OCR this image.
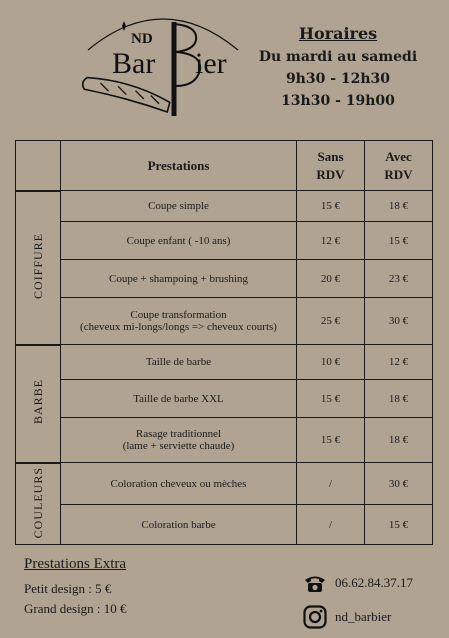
ND
Bar ier
Horaires
Du mardi au samedi
9h30 - 12h30
13h30 - 19h00
	Prestations	Sans RDV	Avec RDV

COIFFURE	Coupe simple	15 €	18 €
	Coupe enfant ( -10 ans)	12 €	15 €
	Coupe + shampoing + brushing	20 €	23 €

	Coupe transformation
(cheveux mi-longs/longs => cheveux courts)	25 €	30 €
BARBE	Taille de barbe	10 €	12 €
	Taille de barbe XXL	15 €	18 €

	Rasage traditionnel
(lame + serviette chaude)	15 €	18 €
COULEURS	Coloration cheveux ou mèches	/	30 €
	Coloration barbe	/	15 €
Prestations Extra
Petit design : 5 €
Grand design : 10 €
06.62.84.37.17
nd_barbier
